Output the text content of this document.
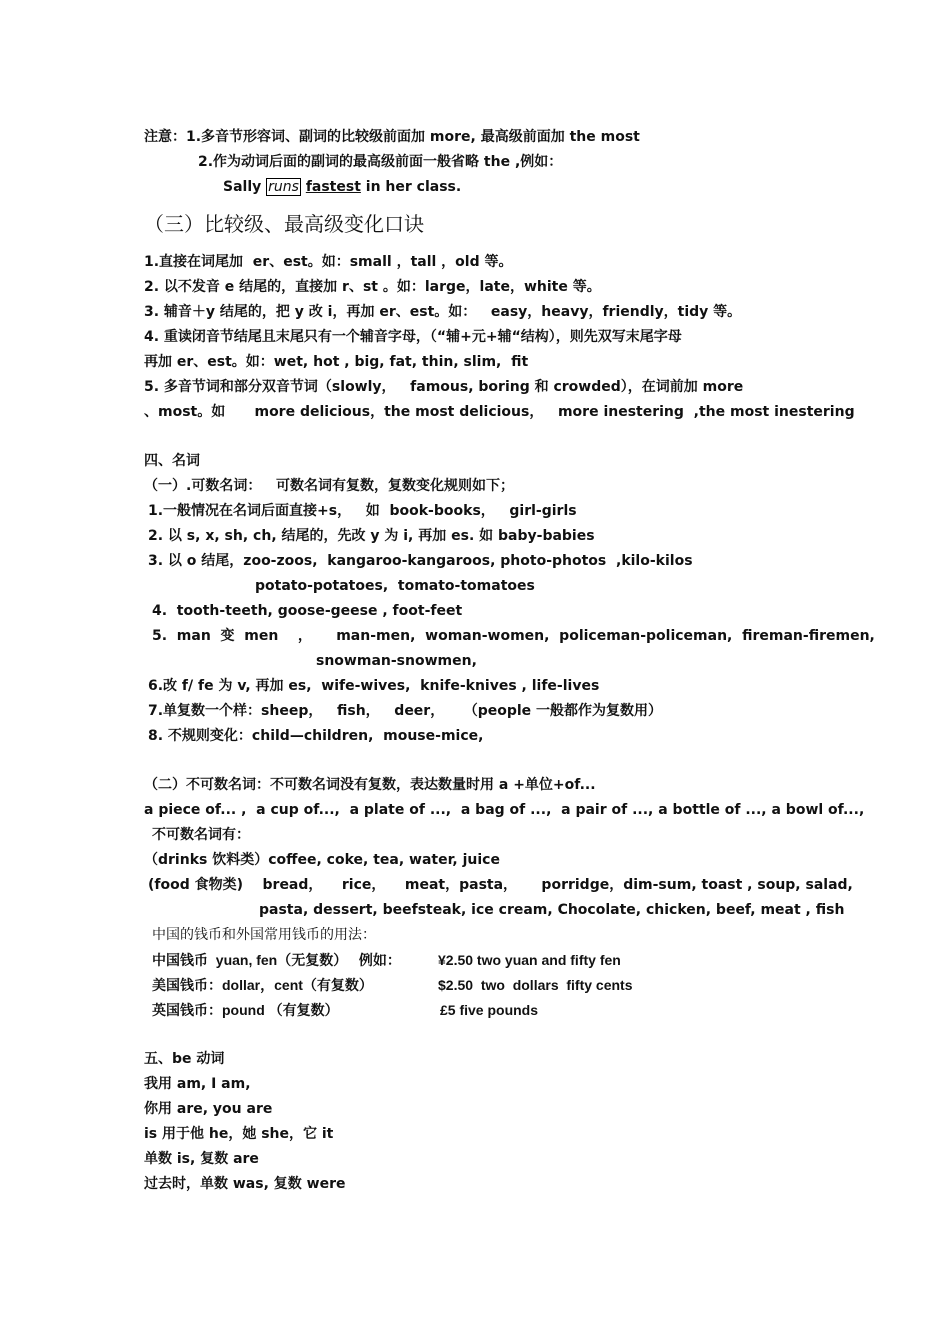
注意：1.多音节形容词、副词的比较级前面加 more, 最高级前面加 the most
2.作为动词后面的副词的最高级前面一般省略 the ,例如：
Sally runs fastest in her class.
（三）比较级、最高级变化口诀
1.直接在词尾加  er、est。如：small ，tall ，old 等。
2. 以不发音 e 结尾的，直接加 r、st 。如：large，late，white 等。
3. 辅音＋y 结尾的，把 y 改 i，再加 er、est。如：   easy，heavy，friendly，tidy 等。
4. 重读闭音节结尾且末尾只有一个辅音字母，（“辅+元+辅“结构），则先双写末尾字母
再加 er、est。如：wet, hot , big, fat, thin, slim,  fit
5. 多音节词和部分双音节词（slowly，   famous, boring 和 crowded），在词前加 more
、most。如      more delicious，the most delicious，   more inestering  ,the most inestering
四、名词
（一）.可数名词：   可数名词有复数，复数变化规则如下；
1.一般情况在名词后面直接+s，   如  book-books，   girl-girls
2. 以 s, x, sh, ch, 结尾的，先改 y 为 i, 再加 es. 如 baby-babies
3. 以 o 结尾，zoo-zoos,  kangaroo-kangaroos, photo-photos  ,kilo-kilos
potato-potatoes,  tomato-tomatoes
4.  tooth-teeth, goose-geese , foot-feet
5.  man  变  men    ，     man-men,  woman-women,  policeman-policeman,  fireman-firemen,
snowman-snowmen,
6.改 f/ fe 为 v, 再加 es,  wife-wives,  knife-knives , life-lives
7.单复数一个样：sheep，   fish，   deer，    （people 一般都作为复数用）
8. 不规则变化：child—children,  mouse-mice,
（二）不可数名词：不可数名词没有复数，表达数量时用 a +单位+of...
a piece of... ,  a cup of...,  a plate of ...,  a bag of ...,  a pair of ..., a bottle of ..., a bowl of...,
不可数名词有：
（drinks 饮料类）coffee, coke, tea, water, juice
(food 食物类)    bread，    rice，    meat，pasta，     porridge，dim-sum, toast , soup, salad,
pasta, dessert, beefsteak, ice cream, Chocolate, chicken, beef, meat , fish
中国的钱币和外国常用钱币的用法：
中国钱币  yuan, fen（无复数）   例如：	¥2.50 two yuan and fifty fen
美国钱币：dollar，cent（有复数）	$2.50  two  dollars  fifty cents
英国钱币：pound （有复数）	£5 five pounds
五、be 动词
我用 am, I am,
你用 are, you are
is 用于他 he，她 she，它 it
单数 is, 复数 are
过去时，单数 was, 复数 were
